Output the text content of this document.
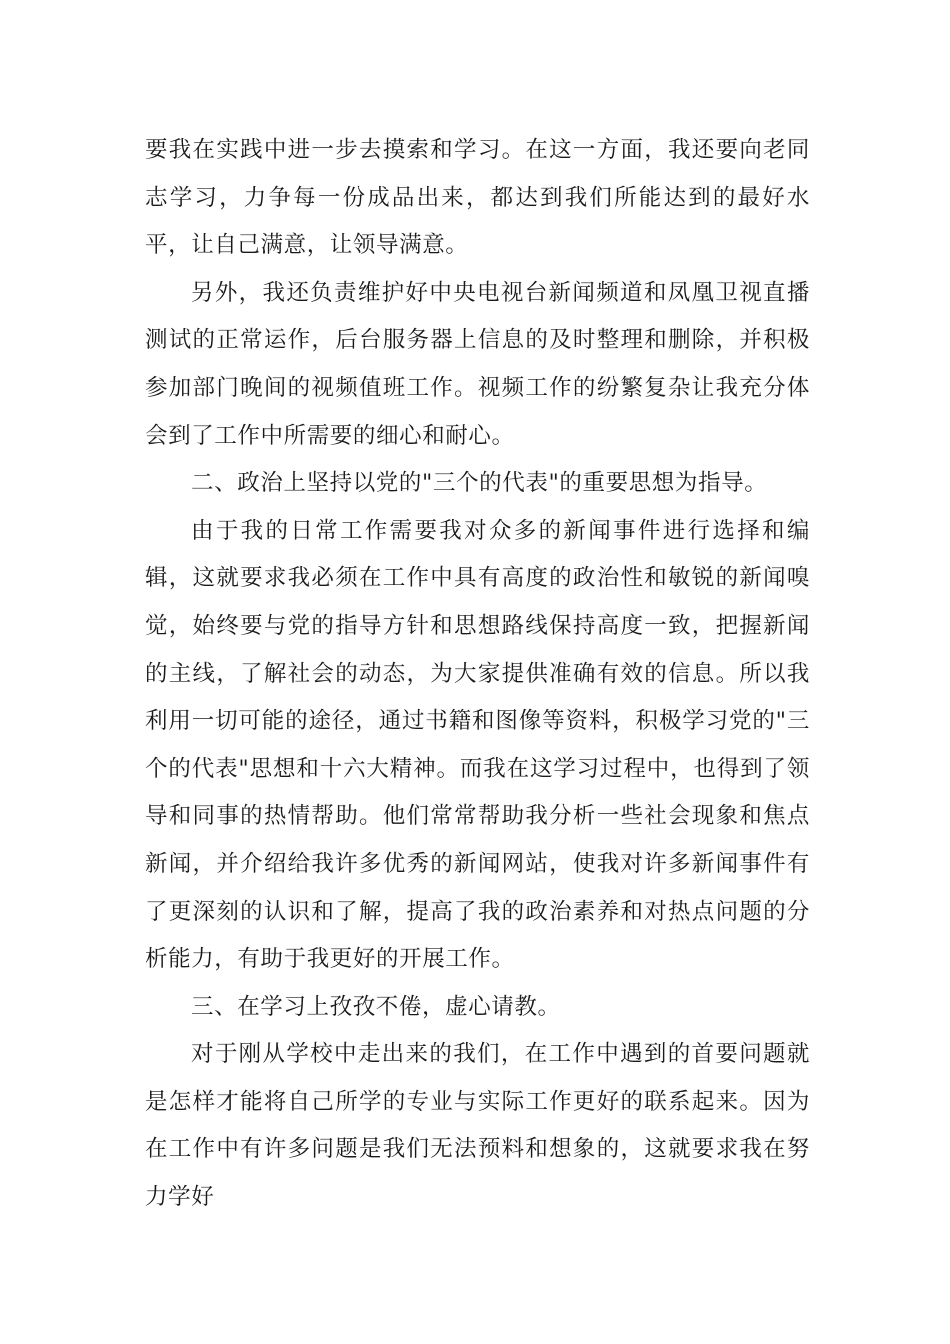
要我在实践中进一步去摸索和学习。在这一方面，我还要向老同志学习，力争每一份成品出来，都达到我们所能达到的最好水平，让自己满意，让领导满意。

另外，我还负责维护好中央电视台新闻频道和凤凰卫视直播测试的正常运作，后台服务器上信息的及时整理和删除，并积极参加部门晚间的视频值班工作。视频工作的纷繁复杂让我充分体会到了工作中所需要的细心和耐心。

二、政治上坚持以党的"三个的代表"的重要思想为指导。

由于我的日常工作需要我对众多的新闻事件进行选择和编辑，这就要求我必须在工作中具有高度的政治性和敏锐的新闻嗅觉，始终要与党的指导方针和思想路线保持高度一致，把握新闻的主线，了解社会的动态，为大家提供准确有效的信息。所以我利用一切可能的途径，通过书籍和图像等资料，积极学习党的"三个的代表"思想和十六大精神。而我在这学习过程中，也得到了领导和同事的热情帮助。他们常常帮助我分析一些社会现象和焦点新闻，并介绍给我许多优秀的新闻网站，使我对许多新闻事件有了更深刻的认识和了解，提高了我的政治素养和对热点问题的分析能力，有助于我更好的开展工作。

三、在学习上孜孜不倦，虚心请教。

对于刚从学校中走出来的我们，在工作中遇到的首要问题就是怎样才能将自己所学的专业与实际工作更好的联系起来。因为在工作中有许多问题是我们无法预料和想象的，这就要求我在努力学好
